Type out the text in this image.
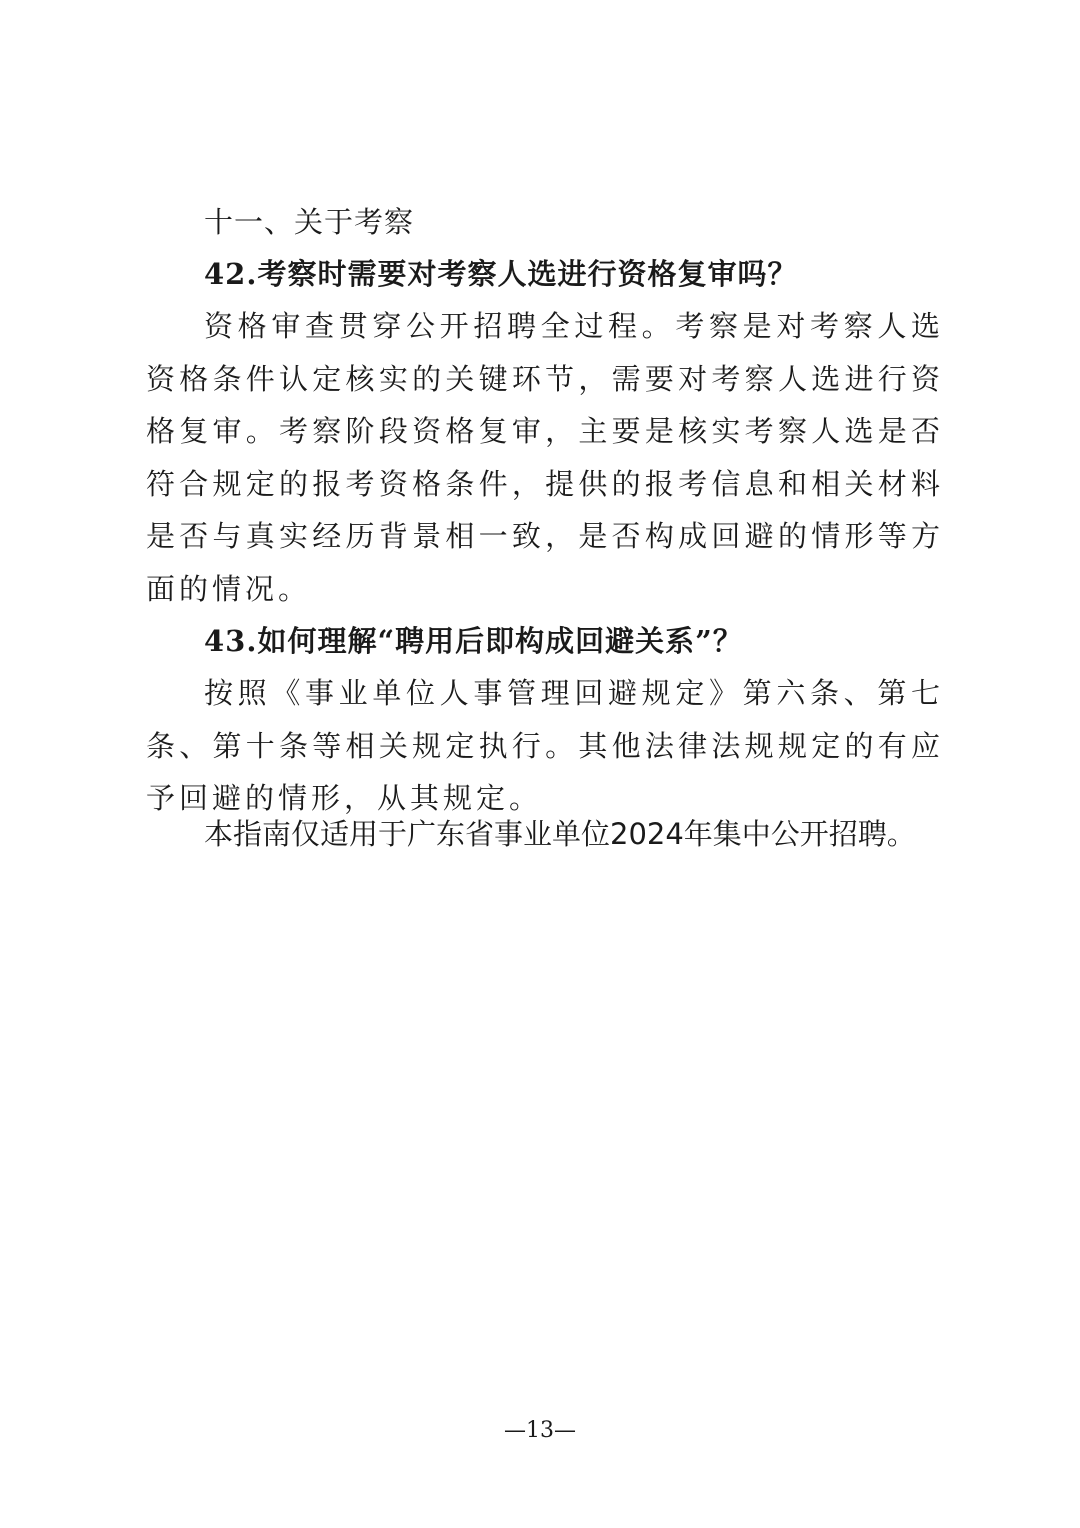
十一、关于考察

42.考察时需要对考察人选进行资格复审吗？

资格审查贯穿公开招聘全过程。考察是对考察人选资格条件认定核实的关键环节，需要对考察人选进行资格复审。考察阶段资格复审，主要是核实考察人选是否符合规定的报考资格条件，提供的报考信息和相关材料是否与真实经历背景相一致，是否构成回避的情形等方面的情况。

43.如何理解“聘用后即构成回避关系”？

按照《事业单位人事管理回避规定》第六条、第七条、第十条等相关规定执行。其他法律法规规定的有应予回避的情形，从其规定。

本指南仅适用于广东省事业单位2024年集中公开招聘。

—13—
